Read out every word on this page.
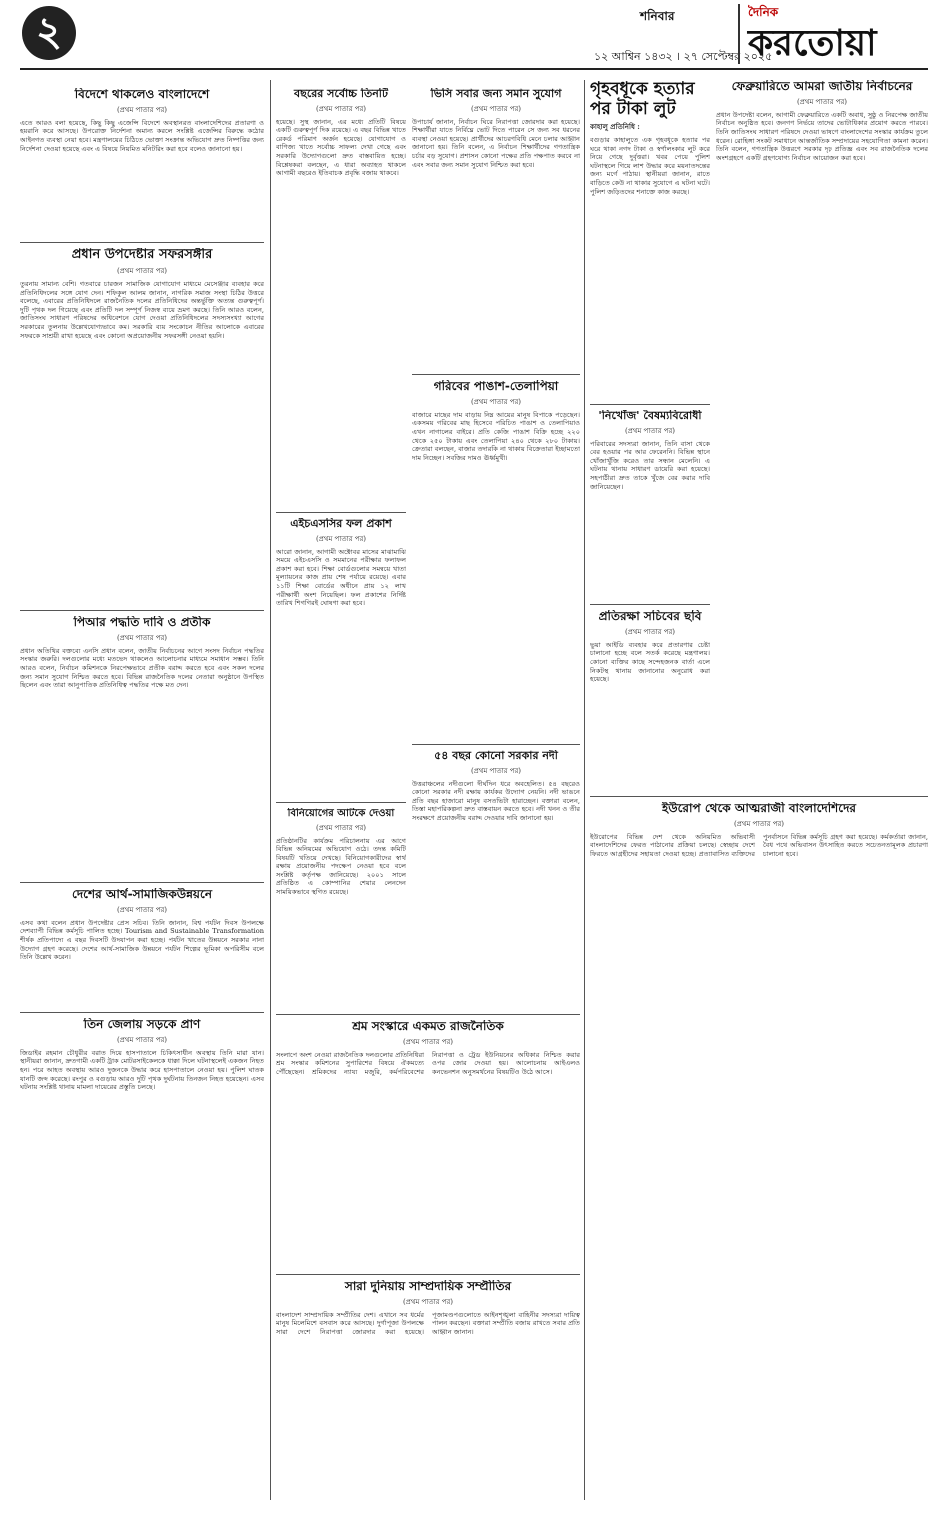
২	শনিবার
১২ আশ্বিন ১৪৩২ । ২৭ সেপ্টেম্বর ২০২৫
দৈনিক
করতোয়া
বিদেশে থাকলেও বাংলাদেশে
(প্রথম পাতার পর)
এতে আরও বলা হয়েছে, কিছু কিছু এজেন্সি বিদেশে অবস্থানরত বাংলাদেশিদের প্রতারণা ও হয়রানি করে আসছে। উপরোক্ত নির্দেশনা অমান্য করলে সংশ্লিষ্ট এজেন্সির বিরুদ্ধে কঠোর আইনগত ব্যবস্থা নেয়া হবে। মন্ত্রণালয়ের চিঠিতে ভোক্তা সংক্রান্ত অভিযোগ দ্রুত নিষ্পত্তির জন্য নির্দেশনা দেওয়া হয়েছে এবং এ বিষয়ে নিয়মিত মনিটরিং করা হবে বলেও জানানো হয়।
প্রধান উপদেষ্টার সফরসঙ্গীর
(প্রথম পাতার পর)
তুরনায় সামান্য বেশি। গতবারে চারজন সামাজিক যোগাযোগ মাধ্যমে মেসেঞ্জার ব্যবহার করে প্রতিনিধিদলের সঙ্গে যোগ দেন। শফিকুল আলম জানান, নাগরিক সমাজ সংস্থা চিঠির উত্তরে বলেছে, এবারের প্রতিনিধিদলে রাজনৈতিক দলের প্রতিনিধিদের অন্তর্ভুক্তি অত্যন্ত গুরুত্বপূর্ণ। দুটি পৃথক দল গিয়েছে এবং প্রতিটি দল সম্পূর্ণ নিজস্ব ব্যয়ে ভ্রমণ করছে। তিনি আরও বলেন, জাতিসংঘ সাধারণ পরিষদের অধিবেশনে যোগ দেওয়া প্রতিনিধিদলের সদস্যসংখ্যা আগের সরকারের তুলনায় উল্লেখযোগ্যভাবে কম। সরকারি ব্যয় সংকোচন নীতির আলোকে এবারের সফরকে সাশ্রয়ী রাখা হয়েছে এবং কোনো অপ্রয়োজনীয় সফরসঙ্গী নেওয়া হয়নি।
পিআর পদ্ধতি দাবি ও প্রতীক
(প্রথম পাতার পর)
প্রধান অতিথির বক্তব্যে এনসি প্রধান বলেন, জাতীয় নির্বাচনের আগে সংসদ নির্বাচন পদ্ধতির সংস্কার জরুরি। দলগুলোর মধ্যে মতভেদ থাকলেও আলোচনার মাধ্যমে সমাধান সম্ভব। তিনি আরও বলেন, নির্বাচন কমিশনকে নিরপেক্ষভাবে প্রতীক বরাদ্দ করতে হবে এবং সকল দলের জন্য সমান সুযোগ নিশ্চিত করতে হবে। বিভিন্ন রাজনৈতিক দলের নেতারা অনুষ্ঠানে উপস্থিত ছিলেন এবং তারা আনুপাতিক প্রতিনিধিত্ব পদ্ধতির পক্ষে মত দেন।
দেশের আর্থ-সামাজিকউন্নয়নে
(প্রথম পাতার পর)
এসব কথা বলেন প্রধান উপদেষ্টার প্রেস সচিব। তিনি জানান, বিশ্ব পর্যটন দিবস উপলক্ষে দেশব্যাপী বিভিন্ন কর্মসূচি পালিত হচ্ছে। Tourism and Sustainable Transformation শীর্ষক প্রতিপাদ্যে এ বছর দিবসটি উদযাপন করা হচ্ছে। পর্যটন খাতের উন্নয়নে সরকার নানা উদ্যোগ গ্রহণ করেছে। দেশের আর্থ-সামাজিক উন্নয়নে পর্যটন শিল্পের ভূমিকা অপরিসীম বলে তিনি উল্লেখ করেন।
তিন জেলায় সড়কে প্রাণ
(প্রথম পাতার পর)
জিডাইর রহমান চৌধুরীর বরাত দিয়ে হাসপাতালে চিকিৎসাধীন অবস্থায় তিনি মারা যান। স্থানীয়রা জানান, দ্রুতগামী একটি ট্রাক মোটরসাইকেলকে ধাক্কা দিলে ঘটনাস্থলেই একজন নিহত হন। পরে আহত অবস্থায় আরও দুজনকে উদ্ধার করে হাসপাতালে নেওয়া হয়। পুলিশ ঘাতক যানটি জব্দ করেছে। রংপুর ও বগুড়ায় আরও দুটি পৃথক দুর্ঘটনায় তিনজন নিহত হয়েছেন। এসব ঘটনায় সংশ্লিষ্ট থানায় মামলা দায়েরের প্রস্তুতি চলছে।
বছরের সর্বোচ্চ তিনটি
(প্রথম পাতার পর)
হয়েছে। সুস্থ জানান, এর মধ্যে প্রতিটি বিষয়ে একটি গুরুত্বপূর্ণ দিক রয়েছে। এ বছর বিভিন্ন খাতে রেকর্ড পরিমাণ অর্জন হয়েছে। যোগাযোগ ও বাণিজ্য খাতে সর্বোচ্চ সাফল্য দেখা গেছে এবং সরকারি উদ্যোগগুলো দ্রুত বাস্তবায়িত হচ্ছে। বিশ্লেষকরা বলছেন, এ ধারা অব্যাহত থাকলে আগামী বছরেও ইতিবাচক প্রবৃদ্ধি বজায় থাকবে।
এইচএসসির ফল প্রকাশ
(প্রথম পাতার পর)
আরো জানান, আগামী অক্টোবর মাসের মাঝামাঝি সময়ে এইচএসসি ও সমমানের পরীক্ষার ফলাফল প্রকাশ করা হবে। শিক্ষা বোর্ডগুলোর সমন্বয়ে খাতা মূল্যায়নের কাজ প্রায় শেষ পর্যায়ে রয়েছে। এবার ১১টি শিক্ষা বোর্ডের অধীনে প্রায় ১২ লাখ পরীক্ষার্থী অংশ নিয়েছিল। ফল প্রকাশের নির্দিষ্ট তারিখ শিগগিরই ঘোষণা করা হবে।
বিনিয়োগের আটকে দেওয়া
(প্রথম পাতার পর)
প্রতিষ্ঠানটির কার্যক্রম পরিচালনায় এর আগে বিভিন্ন অনিয়মের অভিযোগ ওঠে। তদন্ত কমিটি বিষয়টি খতিয়ে দেখছে। বিনিয়োগকারীদের স্বার্থ রক্ষায় প্রয়োজনীয় পদক্ষেপ নেওয়া হবে বলে সংশ্লিষ্ট কর্তৃপক্ষ জানিয়েছে। ২০০১ সালে প্রতিষ্ঠিত এ কোম্পানির শেয়ার লেনদেন সাময়িকভাবে স্থগিত রয়েছে।
ভিসি সবার জন্য সমান সুযোগ
(প্রথম পাতার পর)
উপাচার্য জানান, নির্বাচন ঘিরে নিরাপত্তা জোরদার করা হয়েছে। শিক্ষার্থীরা যাতে নির্বিঘ্নে ভোট দিতে পারেন সে জন্য সব ধরনের ব্যবস্থা নেওয়া হয়েছে। প্রার্থীদের আচরণবিধি মেনে চলার আহ্বান জানানো হয়। তিনি বলেন, এ নির্বাচন শিক্ষার্থীদের গণতান্ত্রিক চর্চার বড় সুযোগ। প্রশাসন কোনো পক্ষের প্রতি পক্ষপাত করবে না এবং সবার জন্য সমান সুযোগ নিশ্চিত করা হবে।
গরিবের পাঙাশ-তেলাপিয়া
(প্রথম পাতার পর)
বাজারে মাছের দাম বাড়ায় নিম্ন আয়ের মানুষ বিপাকে পড়েছেন। একসময় গরিবের মাছ হিসেবে পরিচিত পাঙাশ ও তেলাপিয়াও এখন নাগালের বাইরে। প্রতি কেজি পাঙাশ বিক্রি হচ্ছে ২২০ থেকে ২৫০ টাকায় এবং তেলাপিয়া ২৪০ থেকে ২৮০ টাকায়। ক্রেতারা বলছেন, বাজার তদারকি না থাকায় বিক্রেতারা ইচ্ছামতো দাম নিচ্ছেন। সবজির দামও ঊর্ধ্বমুখী।
৫৪ বছর কোনো সরকার নদী
(প্রথম পাতার পর)
উত্তরাঞ্চলের নদীগুলো দীর্ঘদিন ধরে অবহেলিত। ৫৪ বছরেও কোনো সরকার নদী রক্ষায় কার্যকর উদ্যোগ নেয়নি। নদী ভাঙনে প্রতি বছর হাজারো মানুষ বসতভিটা হারাচ্ছেন। বক্তারা বলেন, তিস্তা মহাপরিকল্পনা দ্রুত বাস্তবায়ন করতে হবে। নদী খনন ও তীর সংরক্ষণে প্রয়োজনীয় বরাদ্দ দেওয়ার দাবি জানানো হয়।
শ্রম সংস্কারে একমত রাজনৈতিক
(প্রথম পাতার পর)
সংলাপে অংশ নেওয়া রাজনৈতিক দলগুলোর প্রতিনিধিরা শ্রম সংস্কার কমিশনের সুপারিশের বিষয়ে ঐকমত্যে পৌঁছেছেন। শ্রমিকদের ন্যায্য মজুরি, কর্মপরিবেশের নিরাপত্তা ও ট্রেড ইউনিয়নের অধিকার নিশ্চিত করার ওপর জোর দেওয়া হয়। আলোচনায় আইএলও কনভেনশন অনুসমর্থনের বিষয়টিও উঠে আসে।
সারা দুনিয়ায় সাম্প্রদায়িক সম্প্রীতির
(প্রথম পাতার পর)
বাংলাদেশ সাম্প্রদায়িক সম্প্রীতির দেশ। এখানে সব ধর্মের মানুষ মিলেমিশে বসবাস করে আসছে। দুর্গাপূজা উপলক্ষে সারা দেশে নিরাপত্তা জোরদার করা হয়েছে। পূজামণ্ডপগুলোতে আইনশৃঙ্খলা বাহিনীর সদস্যরা দায়িত্ব পালন করছেন। বক্তারা সম্প্রীতি বজায় রাখতে সবার প্রতি আহ্বান জানান।
গৃহবধূকে হত্যার পর টাকা লুট
কাহালু প্রতিনিধি :
বগুড়ার কাহালুতে এক গৃহবধূকে হত্যার পর ঘরে থাকা নগদ টাকা ও স্বর্ণালংকার লুট করে নিয়ে গেছে দুর্বৃত্তরা। খবর পেয়ে পুলিশ ঘটনাস্থলে গিয়ে লাশ উদ্ধার করে ময়নাতদন্তের জন্য মর্গে পাঠায়। স্থানীয়রা জানান, রাতে বাড়িতে কেউ না থাকার সুযোগে এ ঘটনা ঘটে। পুলিশ জড়িতদের শনাক্তে কাজ করছে।
'নিখোঁজ' বৈষম্যবিরোধী
(প্রথম পাতার পর)
পরিবারের সদস্যরা জানান, তিনি বাসা থেকে বের হওয়ার পর আর ফেরেননি। বিভিন্ন স্থানে খোঁজাখুঁজি করেও তার সন্ধান মেলেনি। এ ঘটনায় থানায় সাধারণ ডায়েরি করা হয়েছে। সহপাঠীরা দ্রুত তাকে খুঁজে বের করার দাবি জানিয়েছেন।
প্রতিরক্ষা সচিবের ছবি
(প্রথম পাতার পর)
ভুয়া আইডি ব্যবহার করে প্রতারণার চেষ্টা চালানো হচ্ছে বলে সতর্ক করেছে মন্ত্রণালয়। কোনো ব্যক্তির কাছে সন্দেহজনক বার্তা এলে নিকটস্থ থানায় জানানোর অনুরোধ করা হয়েছে।
ফেব্রুয়ারিতে আমরা জাতীয় নির্বাচনের
(প্রথম পাতার পর)
প্রধান উপদেষ্টা বলেন, আগামী ফেব্রুয়ারিতে একটি অবাধ, সুষ্ঠু ও নিরপেক্ষ জাতীয় নির্বাচন অনুষ্ঠিত হবে। জনগণ নির্ভয়ে তাদের ভোটাধিকার প্রয়োগ করতে পারবে। তিনি জাতিসংঘ সাধারণ পরিষদে দেওয়া ভাষণে বাংলাদেশের সংস্কার কার্যক্রম তুলে ধরেন। রোহিঙ্গা সংকট সমাধানে আন্তর্জাতিক সম্প্রদায়ের সহযোগিতা কামনা করেন। তিনি বলেন, গণতান্ত্রিক উত্তরণে সরকার দৃঢ় প্রতিজ্ঞ এবং সব রাজনৈতিক দলের অংশগ্রহণে একটি গ্রহণযোগ্য নির্বাচন আয়োজন করা হবে।
ইউরোপ থেকে আত্মরাজী বাংলাদেশিদের
(প্রথম পাতার পর)
ইউরোপের বিভিন্ন দেশ থেকে অনিয়মিত অভিবাসী বাংলাদেশিদের ফেরত পাঠানোর প্রক্রিয়া চলছে। স্বেচ্ছায় দেশে ফিরতে আগ্রহীদের সহায়তা দেওয়া হচ্ছে। প্রত্যাবাসিত ব্যক্তিদের পুনর্বাসনে বিভিন্ন কর্মসূচি গ্রহণ করা হয়েছে। কর্মকর্তারা জানান, বৈধ পথে অভিবাসন উৎসাহিত করতে সচেতনতামূলক প্রচারণা চালানো হবে।
